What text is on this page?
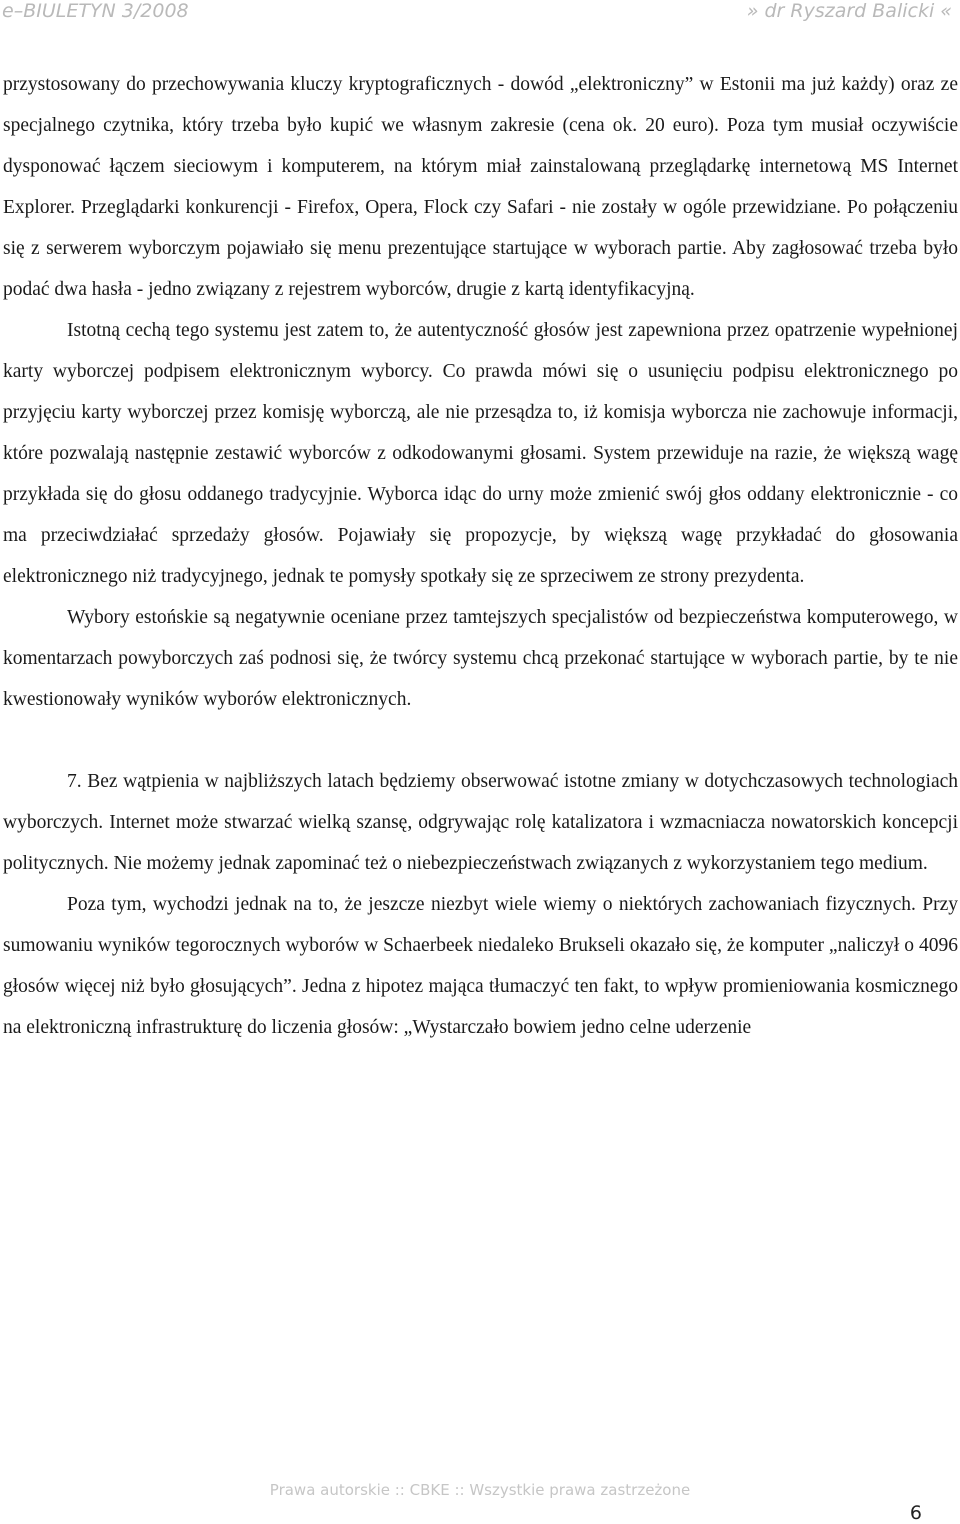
e–BIULETYN 3/2008	» dr Ryszard Balicki «

przystosowany do przechowywania kluczy kryptograficznych - dowód „elektroniczny” w Estonii ma już każdy) oraz ze specjalnego czytnika, który trzeba było kupić we własnym zakresie (cena ok. 20 euro). Poza tym musiał oczywiście dysponować łączem sieciowym i komputerem, na którym miał zainstalowaną przeglądarkę internetową MS Internet Explorer. Przeglądarki konkurencji - Firefox, Opera, Flock czy Safari - nie zostały w ogóle przewidziane. Po połączeniu się z serwerem wyborczym pojawiało się menu prezentujące startujące w wyborach partie. Aby zagłosować trzeba było podać dwa hasła - jedno związany z rejestrem wyborców, drugie z kartą identyfikacyjną.

Istotną cechą tego systemu jest zatem to, że autentyczność głosów jest zapewniona przez opatrzenie wypełnionej karty wyborczej podpisem elektronicznym wyborcy. Co prawda mówi się o usunięciu podpisu elektronicznego po przyjęciu karty wyborczej przez komisję wyborczą, ale nie przesądza to, iż komisja wyborcza nie zachowuje informacji, które pozwalają następnie zestawić wyborców z odkodowanymi głosami. System przewiduje na razie, że większą wagę przykłada się do głosu oddanego tradycyjnie. Wyborca idąc do urny może zmienić swój głos oddany elektronicznie - co ma przeciwdziałać sprzedaży głosów. Pojawiały się propozycje, by większą wagę przykładać do głosowania elektronicznego niż tradycyjnego, jednak te pomysły spotkały się ze sprzeciwem ze strony prezydenta.

Wybory estońskie są negatywnie oceniane przez tamtejszych specjalistów od bezpieczeństwa komputerowego, w komentarzach powyborczych zaś podnosi się, że twórcy systemu chcą przekonać startujące w wyborach partie, by te nie kwestionowały wyników wyborów elektronicznych.

7. Bez wątpienia w najbliższych latach będziemy obserwować istotne zmiany w dotychczasowych technologiach wyborczych. Internet może stwarzać wielką szansę, odgrywając rolę katalizatora i wzmacniacza nowatorskich koncepcji politycznych. Nie możemy jednak zapominać też o niebezpieczeństwach związanych z wykorzystaniem tego medium.

Poza tym, wychodzi jednak na to, że jeszcze niezbyt wiele wiemy o niektórych zachowaniach fizycznych. Przy sumowaniu wyników tegorocznych wyborów w Schaerbeek niedaleko Brukseli okazało się, że komputer „naliczył o 4096 głosów więcej niż było głosujących”. Jedna z hipotez mająca tłumaczyć ten fakt, to wpływ promieniowania kosmicznego na elektroniczną infrastrukturę do liczenia głosów: „Wystarczało bowiem jedno celne uderzenie

Prawa autorskie :: CBKE :: Wszystkie prawa zastrzeżone
6
